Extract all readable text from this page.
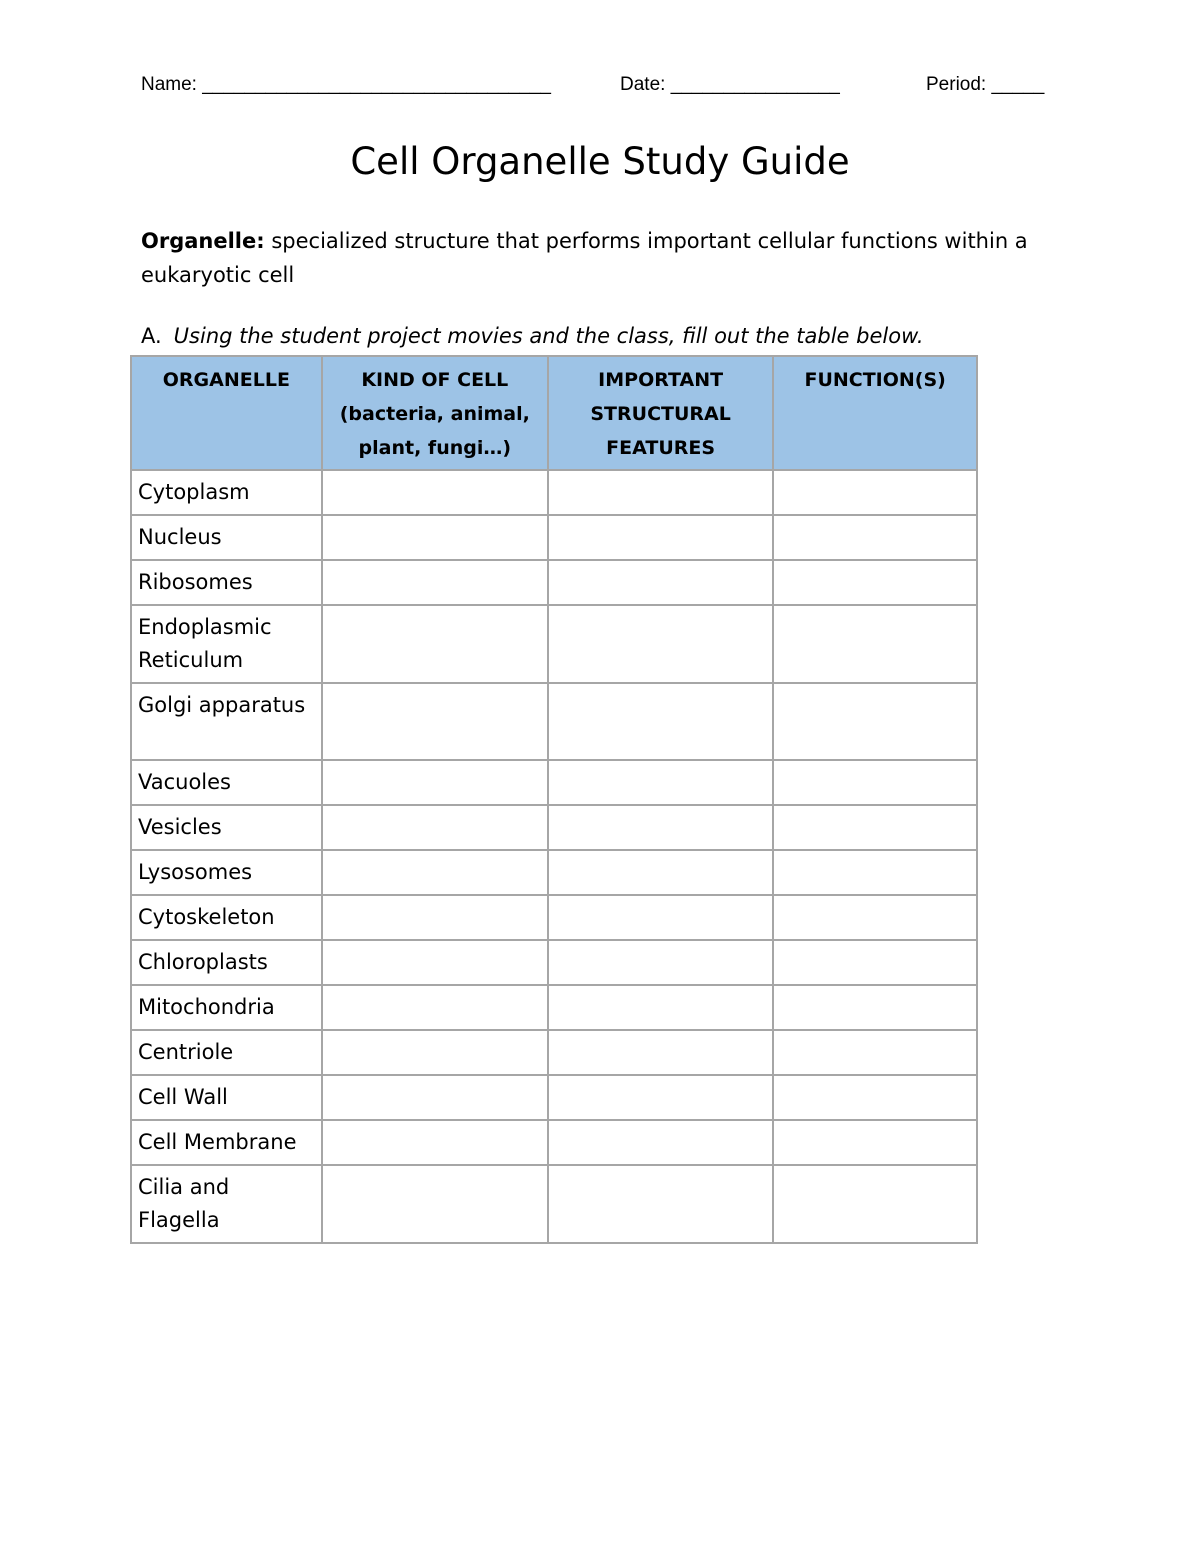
Name: _________________________________	Date: ________________	Period: _____
Cell Organelle Study Guide
Organelle: specialized structure that performs important cellular functions within a eukaryotic cell
A. Using the student project movies and the class, fill out the table below.
ORGANELLE	KIND OF CELL (bacteria, animal, plant, fungi…)	IMPORTANT STRUCTURAL FEATURES	FUNCTION(S)
Cytoplasm			
Nucleus			
Ribosomes			
Endoplasmic Reticulum			
Golgi apparatus			
Vacuoles			
Vesicles			
Lysosomes			
Cytoskeleton			
Chloroplasts			
Mitochondria			
Centriole			
Cell Wall			
Cell Membrane			
Cilia and Flagella			
